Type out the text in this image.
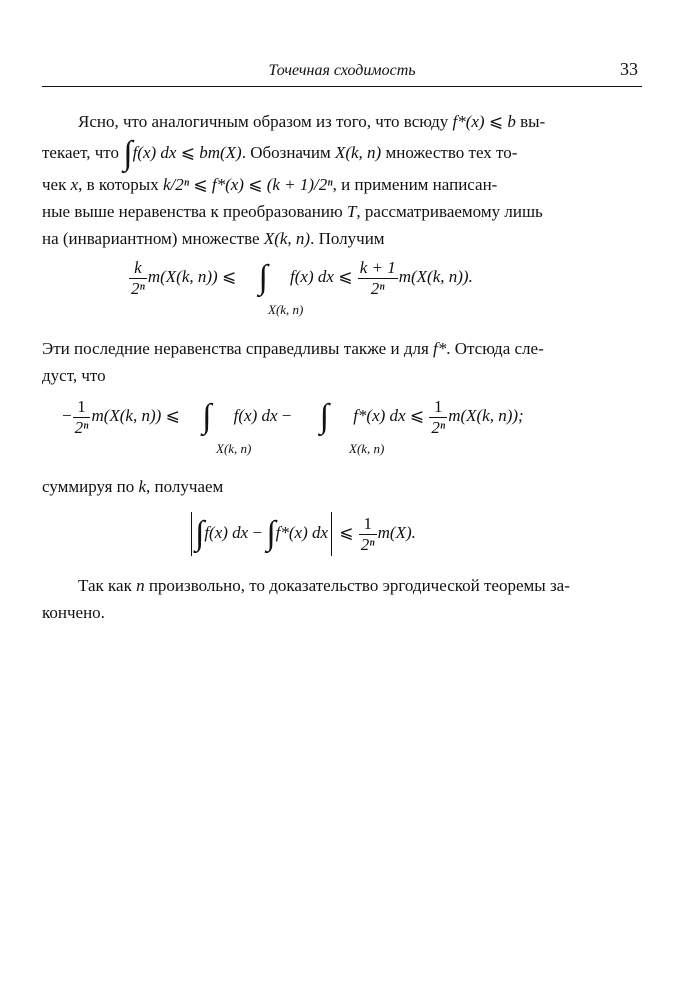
Точечная сходимость	33
Ясно, что аналогичным образом из того, что всюду f*(x) ⩽ b вы-
текает, что ∫f(x) dx ⩽ bm(X). Обозначим X(k, n) множество тех то-
чек x, в которых k/2ⁿ ⩽ f*(x) ⩽ (k + 1)/2ⁿ, и применим написан-
ные выше неравенства к преобразованию T, рассматриваемому лишь
на (инвариантном) множестве X(k, n). Получим
$\frac{k}{\text{2ⁿ}} m(X(k$, n)) ⩽ ∫ f(x) dx ⩽ $\frac{k + 1}{\text{2ⁿ}} m(X(k$, n)).
X(k, n)
Эти последние неравенства справедливы также и для f*. Отсюда сле-
дуст, что
− $\frac{1}{\text{2ⁿ}} m(X(k$, n)) ⩽ ∫ f(x) dx − ∫ f*(x) dx ⩽ $\frac{1}{\text{2ⁿ}} m(X(k$, n));
X(k, n)	X(k, n)
суммируя по k, получаем
∫f(x) dx − ∫f*(x) dx ⩽ $\frac{1}{\text{2ⁿ}} m(X)$.
Так как n произвольно, то доказательство эргодической теоремы за-
кончено.
